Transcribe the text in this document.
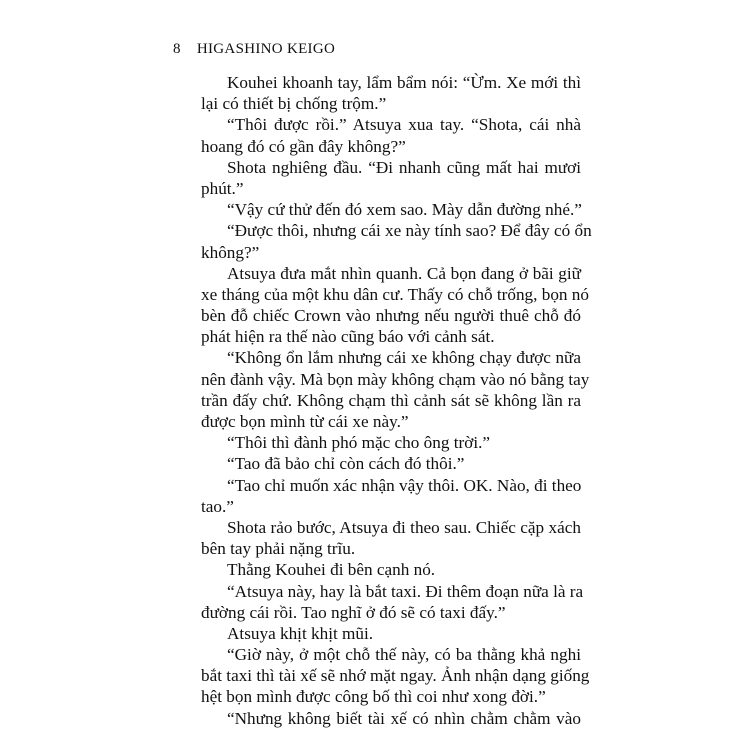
8 HIGASHINO KEIGO
Kouhei khoanh tay, lẩm bẩm nói: “Ừm. Xe mới thì
lại có thiết bị chống trộm.”
“Thôi được rồi.” Atsuya xua tay. “Shota, cái nhà
hoang đó có gần đây không?”
Shota nghiêng đầu. “Đi nhanh cũng mất hai mươi
phút.”
“Vậy cứ thử đến đó xem sao. Mày dẫn đường nhé.”
“Được thôi, nhưng cái xe này tính sao? Để đây có ổn
không?”
Atsuya đưa mắt nhìn quanh. Cả bọn đang ở bãi giữ
xe tháng của một khu dân cư. Thấy có chỗ trống, bọn nó
bèn đỗ chiếc Crown vào nhưng nếu người thuê chỗ đó
phát hiện ra thế nào cũng báo với cảnh sát.
“Không ổn lắm nhưng cái xe không chạy được nữa
nên đành vậy. Mà bọn mày không chạm vào nó bằng tay
trần đấy chứ. Không chạm thì cảnh sát sẽ không lần ra
được bọn mình từ cái xe này.”
“Thôi thì đành phó mặc cho ông trời.”
“Tao đã bảo chỉ còn cách đó thôi.”
“Tao chỉ muốn xác nhận vậy thôi. OK. Nào, đi theo
tao.”
Shota rảo bước, Atsuya đi theo sau. Chiếc cặp xách
bên tay phải nặng trĩu.
Thằng Kouhei đi bên cạnh nó.
“Atsuya này, hay là bắt taxi. Đi thêm đoạn nữa là ra
đường cái rồi. Tao nghĩ ở đó sẽ có taxi đấy.”
Atsuya khịt khịt mũi.
“Giờ này, ở một chỗ thế này, có ba thằng khả nghi
bắt taxi thì tài xế sẽ nhớ mặt ngay. Ảnh nhận dạng giống
hệt bọn mình được công bố thì coi như xong đời.”
“Nhưng không biết tài xế có nhìn chằm chằm vào
